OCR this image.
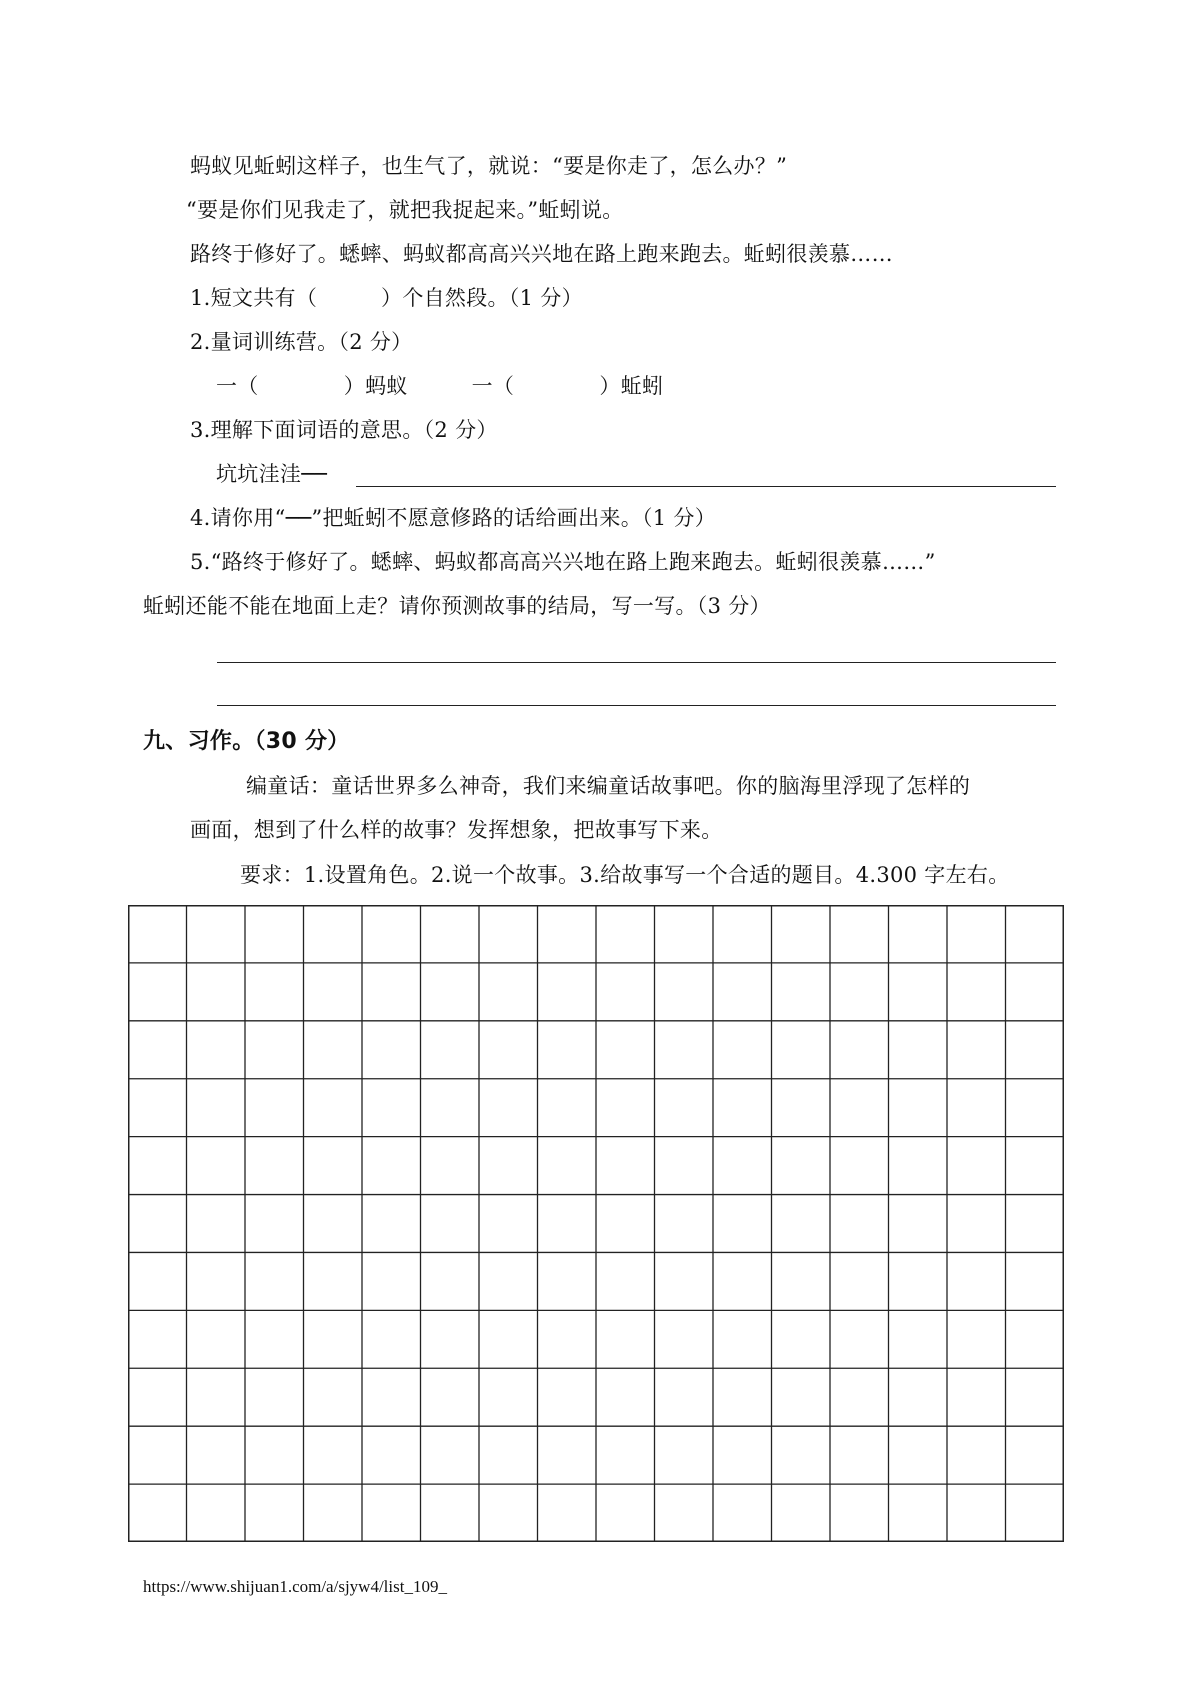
蚂蚁见蚯蚓这样子，也生气了，就说：“要是你走了，怎么办？”
“要是你们见我走了，就把我捉起来。”蚯蚓说。
路终于修好了。蟋蟀、蚂蚁都高高兴兴地在路上跑来跑去。蚯蚓很羡慕……
1.短文共有（　　　）个自然段。（1 分）
2.量词训练营。（2 分）
一（　　　　）蚂蚁　　　一（　　　　）蚯蚓
3.理解下面词语的意思。（2 分）
坑坑洼洼──
4.请你用“──”把蚯蚓不愿意修路的话给画出来。（1 分）
5.“路终于修好了。蟋蟀、蚂蚁都高高兴兴地在路上跑来跑去。蚯蚓很羡慕……”
蚯蚓还能不能在地面上走？请你预测故事的结局，写一写。（3 分）
九、习作。（30 分）
编童话：童话世界多么神奇，我们来编童话故事吧。你的脑海里浮现了怎样的
画面，想到了什么样的故事？发挥想象，把故事写下来。
要求：1.设置角色。2.说一个故事。3.给故事写一个合适的题目。4.300 字左右。
https://www.shijuan1.com/a/sjyw4/list_109_
